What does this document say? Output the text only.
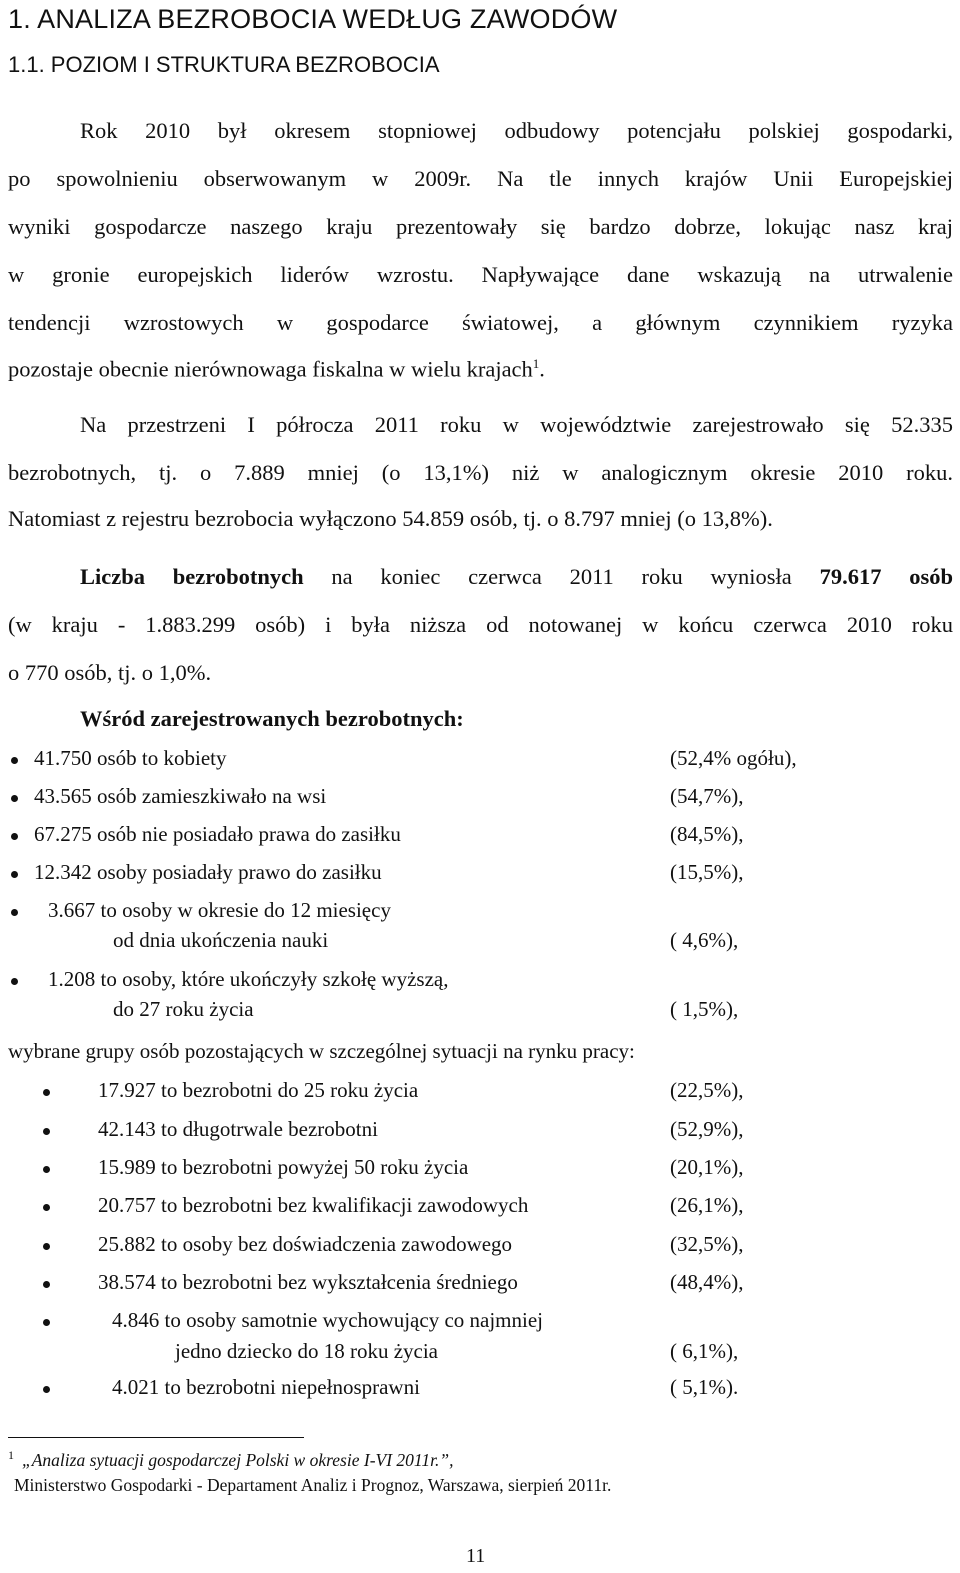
1. ANALIZA BEZROBOCIA WEDŁUG ZAWODÓW
1.1. POZIOM I STRUKTURA BEZROBOCIA
Rok 2010 był okresem stopniowej odbudowy potencjału polskiej gospodarki,
po spowolnieniu obserwowanym w 2009r. Na tle innych krajów Unii Europejskiej
wyniki gospodarcze naszego kraju prezentowały się bardzo dobrze, lokując nasz kraj
w gronie europejskich liderów wzrostu. Napływające dane wskazują na utrwalenie
tendencji wzrostowych w gospodarce światowej, a głównym czynnikiem ryzyka
pozostaje obecnie nierównowaga fiskalna w wielu krajach$^1$.
Na przestrzeni I półrocza 2011 roku w województwie zarejestrowało się 52.335
bezrobotnych, tj. o 7.889 mniej (o 13,1%) niż w analogicznym okresie 2010 roku.
Natomiast z rejestru bezrobocia wyłączono 54.859 osób, tj. o 8.797 mniej (o 13,8%).
Liczba bezrobotnych na koniec czerwca 2011 roku wyniosła 79.617 osób
(w kraju - 1.883.299 osób) i była niższa od notowanej w końcu czerwca 2010 roku
o 770 osób, tj. o 1,0%.
Wśród zarejestrowanych bezrobotnych:
41.750 osób to kobiety	(52,4% ogółu),
43.565 osób zamieszkiwało na wsi	(54,7%),
67.275 osób nie posiadało prawa do zasiłku	(84,5%),
12.342 osoby posiadały prawo do zasiłku	(15,5%),
3.667 to osoby w okresie do 12 miesięcy
od dnia ukończenia nauki	( 4,6%),
1.208 to osoby, które ukończyły szkołę wyższą,
do 27 roku życia	( 1,5%),
wybrane grupy osób pozostających w szczególnej sytuacji na rynku pracy:
17.927 to bezrobotni do 25 roku życia	(22,5%),
42.143 to długotrwale bezrobotni	(52,9%),
15.989 to bezrobotni powyżej 50 roku życia	(20,1%),
20.757 to bezrobotni bez kwalifikacji zawodowych	(26,1%),
25.882 to osoby bez doświadczenia zawodowego	(32,5%),
38.574 to bezrobotni bez wykształcenia średniego	(48,4%),
4.846 to osoby samotnie wychowujący co najmniej
jedno dziecko do 18 roku życia	( 6,1%),
4.021 to bezrobotni niepełnosprawni	( 5,1%).
1 „Analiza sytuacji gospodarczej Polski w okresie I-VI 2011r.”,
Ministerstwo Gospodarki - Departament Analiz i Prognoz, Warszawa, sierpień 2011r.
11
